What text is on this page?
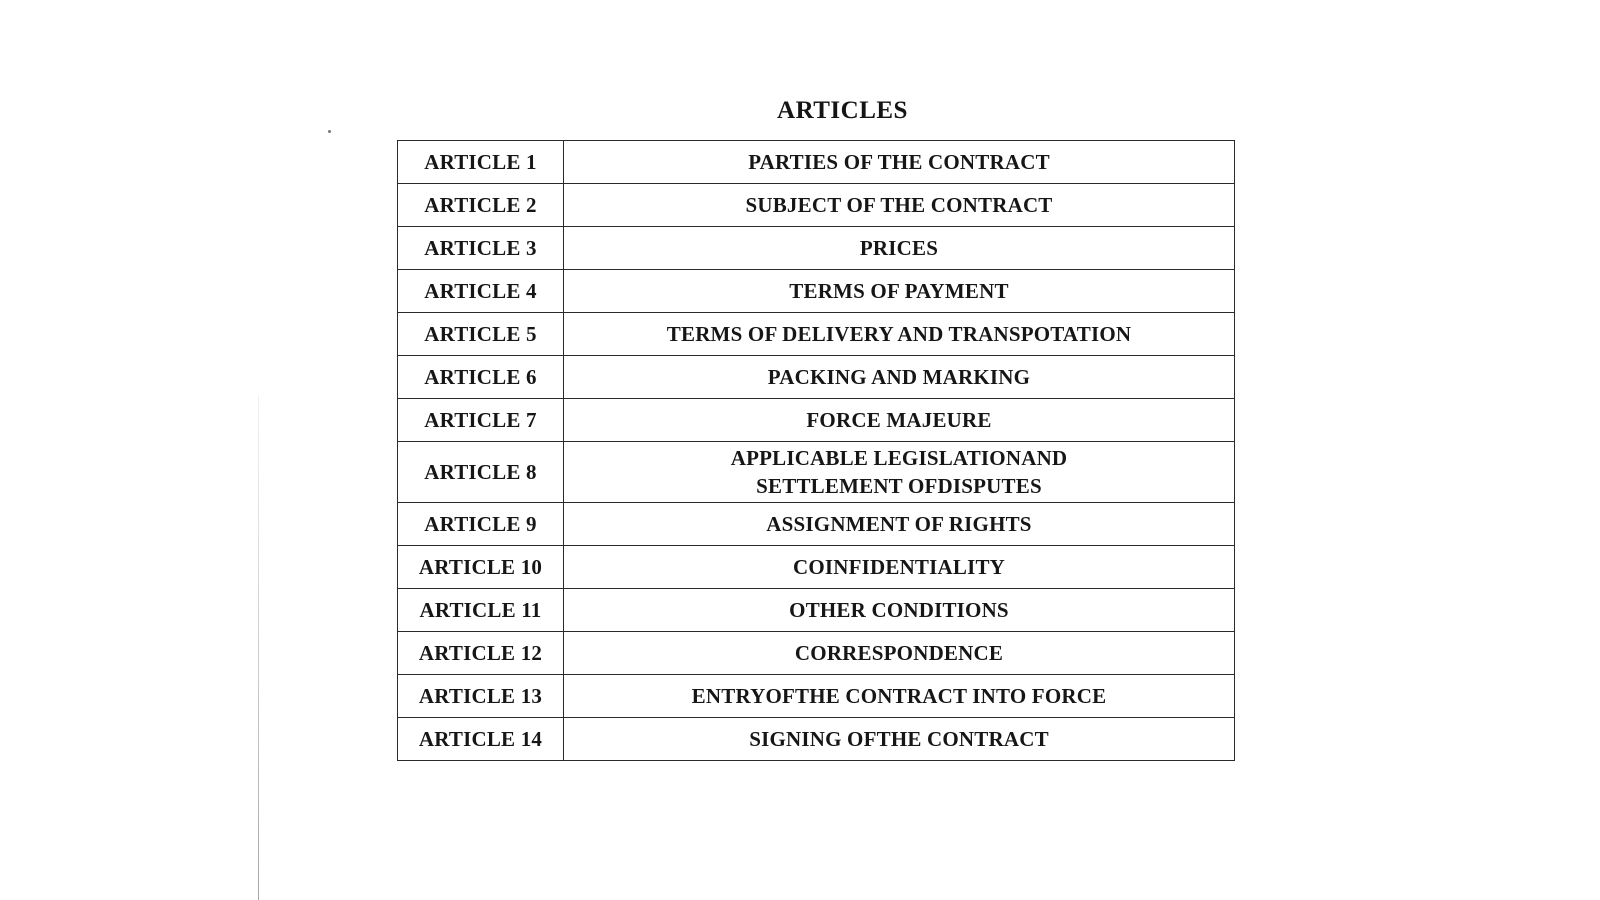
ARTICLES
ARTICLE 1	PARTIES OF THE CONTRACT
ARTICLE 2	SUBJECT OF THE CONTRACT
ARTICLE 3	PRICES
ARTICLE 4	TERMS OF PAYMENT
ARTICLE 5	TERMS OF DELIVERY AND TRANSPOTATION
ARTICLE 6	PACKING AND MARKING
ARTICLE 7	FORCE MAJEURE
ARTICLE 8	APPLICABLE LEGISLATIONAND
SETTLEMENT OFDISPUTES

ARTICLE 9	ASSIGNMENT OF RIGHTS
ARTICLE 10	COINFIDENTIALITY
ARTICLE 11	OTHER CONDITIONS
ARTICLE 12	CORRESPONDENCE
ARTICLE 13	ENTRYOFTHE CONTRACT INTO FORCE
ARTICLE 14	SIGNING OFTHE CONTRACT
